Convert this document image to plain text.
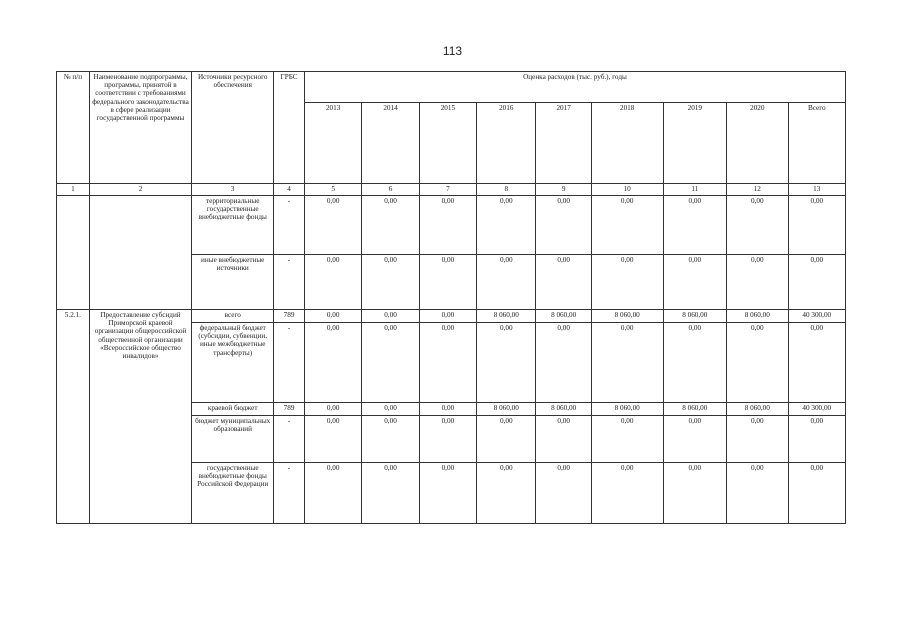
113
№ п/п	Наименование подпрограммы, программы, принятой в соответствии с требованиями федерального законодательства в сфере реализации государственной программы	Источники ресурсного обеспечения	ГРБС	Оценка расходов (тыс. руб.), годы								
				2013	2014	2015	2016	2017	2018	2019	2020	Всего
1	2	3	4	5	6	7	8	9	10	11	12	13
		территориальные государственные внебюджетные фонды	-	0,00	0,00	0,00	0,00	0,00	0,00	0,00	0,00	0,00
		иные внебюджетные источники	-	0,00	0,00	0,00	0,00	0,00	0,00	0,00	0,00	0,00
5.2.1.	Предоставление субсидий Приморской краевой организации общероссийской общественной организации «Всероссийское общество инвалидов»	всего	789	0,00	0,00	0,00	8 060,00	8 060,00	8 060,00	8 060,00	8 060,00	40 300,00
		федеральный бюджет (субсидии, субвенции, иные межбюджетные трансферты)	-	0,00	0,00	0,00	0,00	0,00	0,00	0,00	0,00	0,00
		краевой бюджет	789	0,00	0,00	0,00	8 060,00	8 060,00	8 060,00	8 060,00	8 060,00	40 300,00
		бюджет муниципальных образований	-	0,00	0,00	0,00	0,00	0,00	0,00	0,00	0,00	0,00
		государственные внебюджетные фонды Российской Федерации	-	0,00	0,00	0,00	0,00	0,00	0,00	0,00	0,00	0,00
